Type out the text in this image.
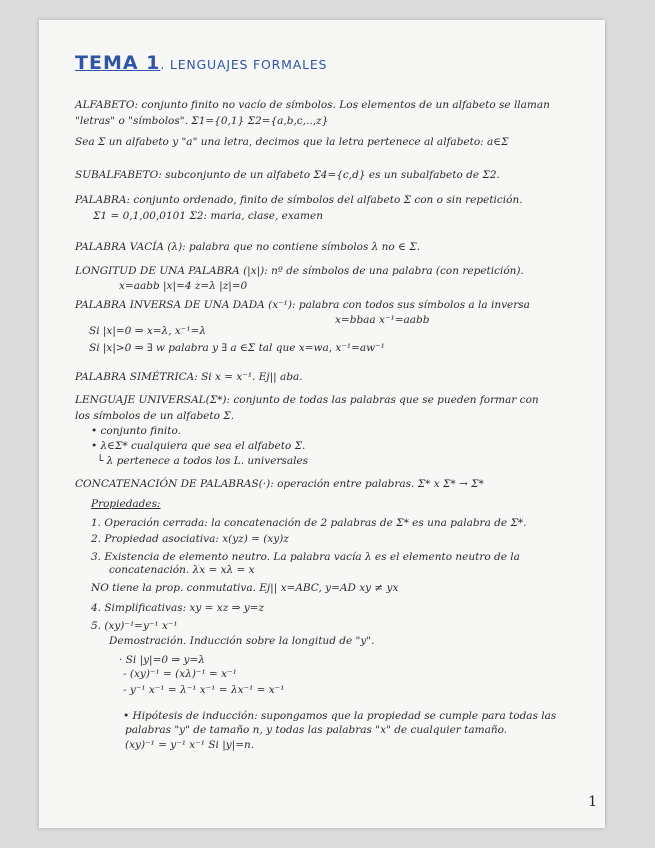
TEMA 1. LENGUAJES FORMALES
ALFABETO: conjunto finito no vacío de símbolos. Los elementos de un alfabeto se llaman
"letras" o "símbolos". Σ1={0,1} Σ2={a,b,c,..,z}
Sea Σ un alfabeto y "a" una letra, decimos que la letra pertenece al alfabeto: a∈Σ
SUBALFABETO: subconjunto de un alfabeto Σ4={c,d} es un subalfabeto de Σ2.
PALABRA: conjunto ordenado, finito de símbolos del alfabeto Σ con o sin repetición.
Σ1 = 0,1,00,0101 Σ2: maria, clase, examen
PALABRA VACÍA (λ): palabra que no contiene símbolos λ no ∈ Σ.
LONGITUD DE UNA PALABRA (|x|): nº de símbolos de una palabra (con repetición).
x=aabb |x|=4 z=λ |z|=0
PALABRA INVERSA DE UNA DADA (x⁻¹): palabra con todos sus símbolos a la inversa
x=bbaa x⁻¹=aabb
Si |x|=0 ⇒ x=λ, x⁻¹=λ
Si |x|>0 ⇒ ∃ w palabra y ∃ a ∈Σ tal que x=wa, x⁻¹=aw⁻¹
PALABRA SIMÉTRICA: Si x = x⁻¹. Ej|| aba.
LENGUAJE UNIVERSAL(Σ*): conjunto de todas las palabras que se pueden formar con
los símbolos de un alfabeto Σ.
• conjunto finito.
• λ∈Σ* cualquiera que sea el alfabeto Σ.
└ λ pertenece a todos los L. universales
CONCATENACIÓN DE PALABRAS(·): operación entre palabras. Σ* x Σ* → Σ*
Propiedades:
1. Operación cerrada: la concatenación de 2 palabras de Σ* es una palabra de Σ*.
2. Propiedad asociativa: x(yz) = (xy)z
3. Existencia de elemento neutro. La palabra vacía λ es el elemento neutro de la
concatenación. λx = xλ = x
NO tiene la prop. conmutativa. Ej|| x=ABC, y=AD xy ≠ yx
4. Simplificativas: xy = xz ⇒ y=z
5. (xy)⁻¹=y⁻¹ x⁻¹
Demostración. Inducción sobre la longitud de "y".
· Si |y|=0 ⇒ y=λ
- (xy)⁻¹ = (xλ)⁻¹ = x⁻¹
- y⁻¹ x⁻¹ = λ⁻¹ x⁻¹ = λx⁻¹ = x⁻¹
• Hipótesis de inducción: supongamos que la propiedad se cumple para todas las
palabras "y" de tamaño n, y todas las palabras "x" de cualquier tamaño.
(xy)⁻¹ = y⁻¹ x⁻¹ Si |y|=n.
1
